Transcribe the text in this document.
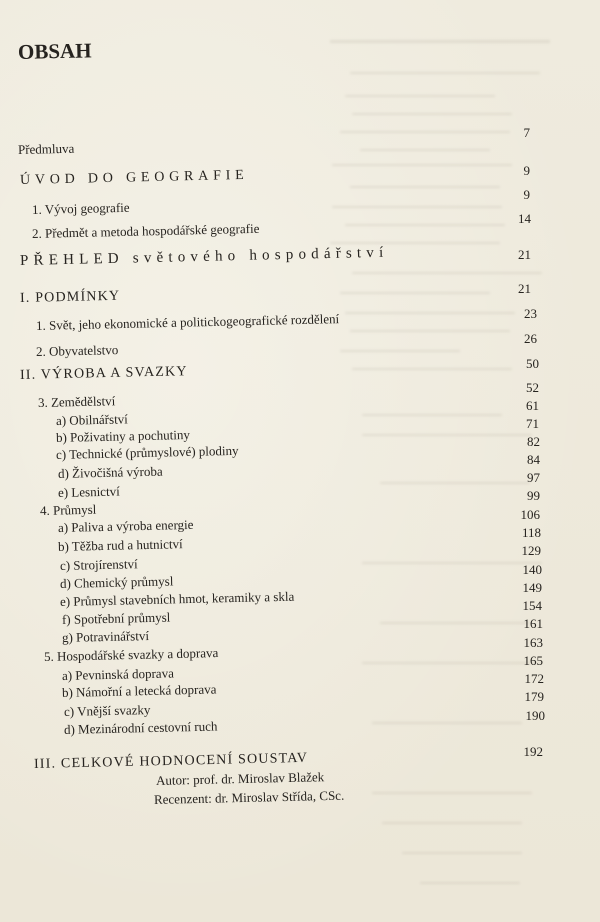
OBSAH
Předmluva
ÚVOD DO GEOGRAFIE
1. Vývoj geografie
2. Předmět a metoda hospodářské geografie
PŘEHLED světového hospodářství
I. PODMÍNKY
1. Svět, jeho ekonomické a politickogeografické rozdělení
2. Obyvatelstvo
II. VÝROBA A SVAZKY
3. Zemědělství
a) Obilnářství
b) Poživatiny a pochutiny
c) Technické (průmyslové) plodiny
d) Živočišná výroba
e) Lesnictví
4. Průmysl
a) Paliva a výroba energie
b) Těžba rud a hutnictví
c) Strojírenství
d) Chemický průmysl
e) Průmysl stavebních hmot, keramiky a skla
f) Spotřební průmysl
g) Potravinářství
5. Hospodářské svazky a doprava
a) Pevninská doprava
b) Námořní a letecká doprava
c) Vnější svazky
d) Mezinárodní cestovní ruch
III. CELKOVÉ HODNOCENÍ SOUSTAV
7
9
9
14
21
21
23
26
50
52
61
71
82
84
97
99
106
118
129
140
149
154
161
163
165
172
179
190
192
Autor: prof. dr. Miroslav Blažek
Recenzent: dr. Miroslav Střída, CSc.
